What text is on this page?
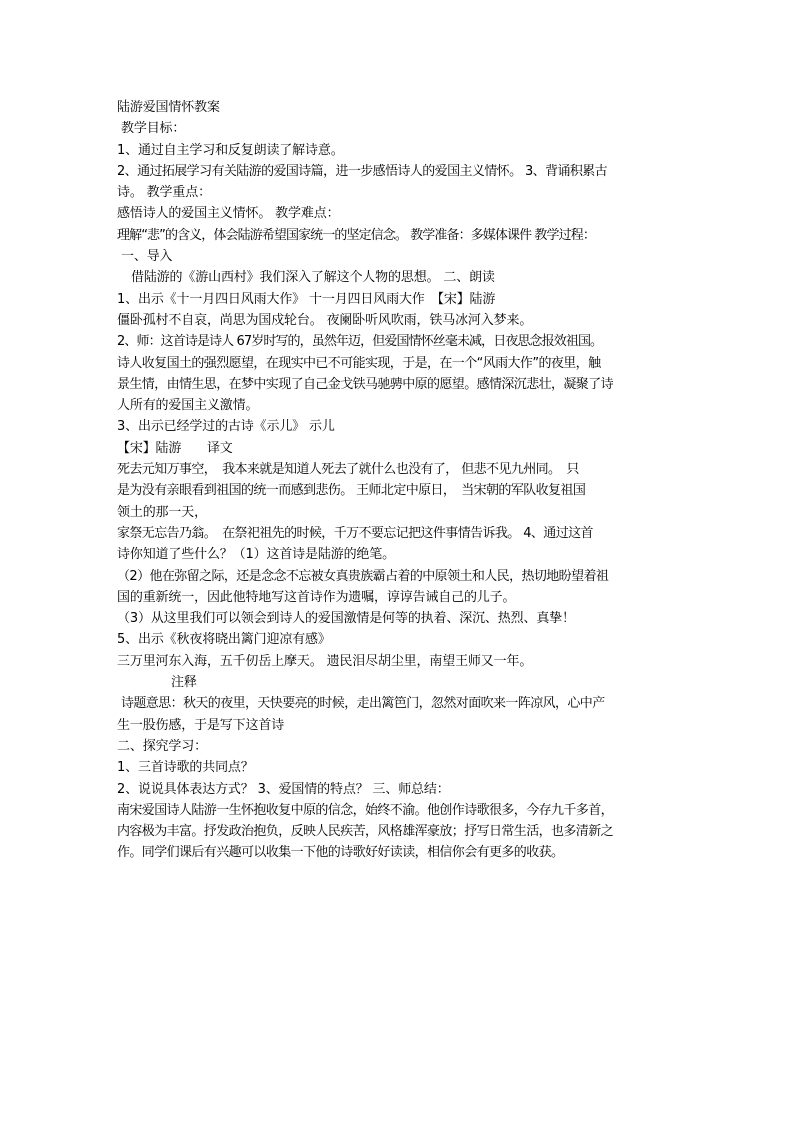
陆游爱国情怀教案
教学目标：
1、通过自主学习和反复朗读了解诗意。
2、通过拓展学习有关陆游的爱国诗篇，进一步感悟诗人的爱国主义情怀。 3、背诵积累古
诗。 教学重点：
感悟诗人的爱国主义情怀。 教学难点：
理解“悲”的含义，体会陆游希望国家统一的坚定信念。 教学准备：多媒体课件 教学过程：
一、导入
借陆游的《游山西村》我们深入了解这个人物的思想。 二、朗读
1、出示《十一月四日风雨大作》 十一月四日风雨大作　【宋】陆游
僵卧孤村不自哀，尚思为国戍轮台。 夜阑卧听风吹雨，铁马冰河入梦来。
2、师：这首诗是诗人 67岁时写的，虽然年迈，但爱国情怀丝毫未减，日夜思念报效祖国。
诗人收复国土的强烈愿望，在现实中已不可能实现，于是，在一个“风雨大作”的夜里，触
景生情，由情生思，在梦中实现了自己金戈铁马驰骋中原的愿望。感情深沉悲壮，凝聚了诗
人所有的爱国主义激情。
3、出示已经学过的古诗《示儿》 示儿
【宋】陆游　　译文
死去元知万事空，　我本来就是知道人死去了就什么也没有了， 但悲不见九州同。　只
是为没有亲眼看到祖国的统一而感到悲伤。 王师北定中原日，　当宋朝的军队收复祖国
领土的那一天，
家祭无忘告乃翁。　在祭祀祖先的时候，千万不要忘记把这件事情告诉我。 4、通过这首
诗你知道了些什么？（1）这首诗是陆游的绝笔。
（2）他在弥留之际，还是念念不忘被女真贵族霸占着的中原领土和人民，热切地盼望着祖
国的重新统一，因此他特地写这首诗作为遗嘱，谆谆告诫自己的儿子。
（3）从这里我们可以领会到诗人的爱国激情是何等的执着、深沉、热烈、真挚！
5、出示《秋夜将晓出篱门迎凉有感》
三万里河东入海，五千仞岳上摩天。 遗民泪尽胡尘里，南望王师又一年。
注释
诗题意思：秋天的夜里，天快要亮的时候，走出篱笆门，忽然对面吹来一阵凉风，心中产
生一股伤感，于是写下这首诗
二、探究学习：
1、三首诗歌的共同点？
2、说说具体表达方式？ 3、爱国情的特点？ 三、师总结：
南宋爱国诗人陆游一生怀抱收复中原的信念，始终不渝。他创作诗歌很多，今存九千多首，
内容极为丰富。抒发政治抱负，反映人民疾苦，风格雄浑豪放；抒写日常生活，也多清新之
作。同学们课后有兴趣可以收集一下他的诗歌好好读读，相信你会有更多的收获。
